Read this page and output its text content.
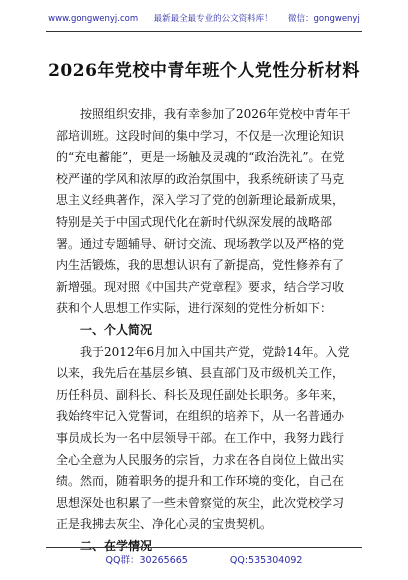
www.gongwenyj.com 最新最全最专业的公文资料库！ 微信：gongwenyj
2026年党校中青年班个人党性分析材料

按照组织安排，我有幸参加了2026年党校中青年干部培训班。这段时间的集中学习，不仅是一次理论知识的“充电蓄能”，更是一场触及灵魂的“政治洗礼”。在党校严谨的学风和浓厚的政治氛围中，我系统研读了马克思主义经典著作，深入学习了党的创新理论最新成果，特别是关于中国式现代化在新时代纵深发展的战略部署。通过专题辅导、研讨交流、现场教学以及严格的党内生活锻炼，我的思想认识有了新提高，党性修养有了新增强。现对照《中国共产党章程》要求，结合学习收获和个人思想工作实际，进行深刻的党性分析如下：

一、个人简况

我于2012年6月加入中国共产党，党龄14年。入党以来，我先后在基层乡镇、县直部门及市级机关工作，历任科员、副科长、科长及现任副处长职务。多年来，我始终牢记入党誓词，在组织的培养下，从一名普通办事员成长为一名中层领导干部。在工作中，我努力践行全心全意为人民服务的宗旨，力求在各自岗位上做出实绩。然而，随着职务的提升和工作环境的变化，自己在思想深处也积累了一些未曾察觉的灰尘，此次党校学习正是我拂去灰尘、净化心灵的宝贵契机。

二、在学情况

QQ群：30265665	QQ:535304092
